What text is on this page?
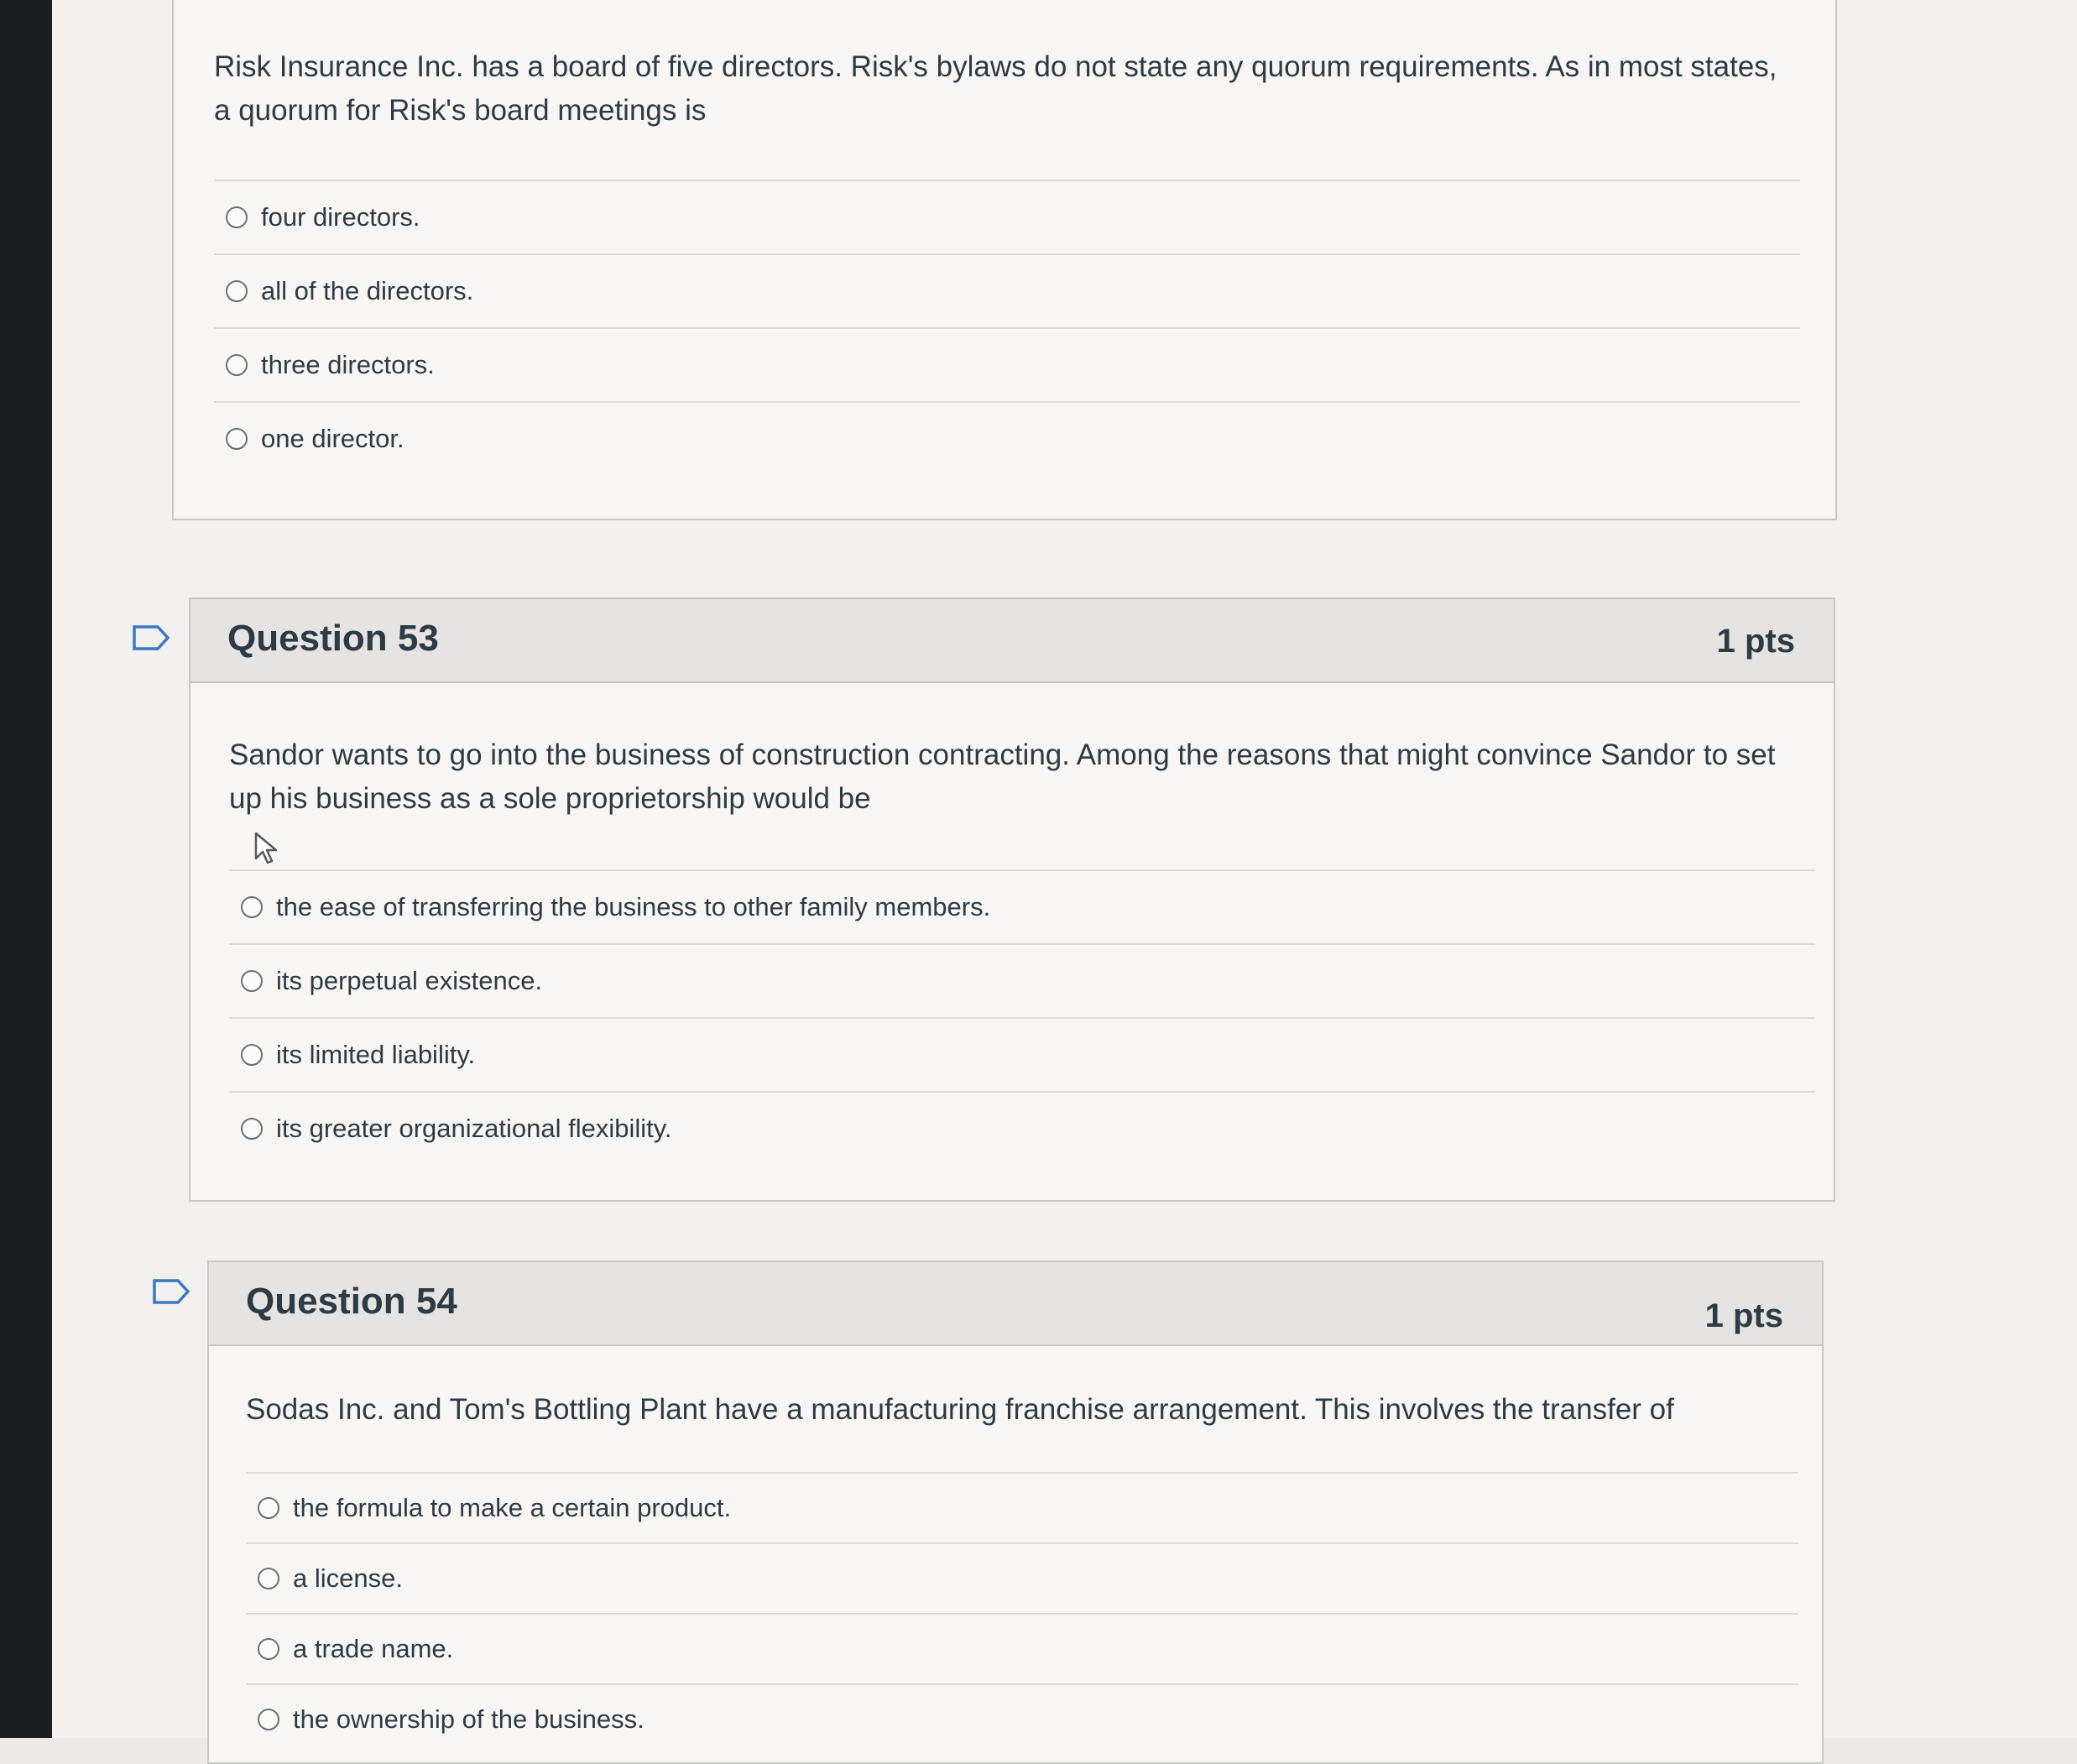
Risk Insurance Inc. has a board of five directors. Risk's bylaws do not state any quorum requirements. As in most states, a quorum for Risk's board meetings is
four directors.
all of the directors.
three directors.
one director.
Question 53	1 pts
Sandor wants to go into the business of construction contracting. Among the reasons that might convince Sandor to set up his business as a sole proprietorship would be
the ease of transferring the business to other family members.
its perpetual existence.
its limited liability.
its greater organizational flexibility.
Question 54	1 pts
Sodas Inc. and Tom's Bottling Plant have a manufacturing franchise arrangement. This involves the transfer of
the formula to make a certain product.
a license.
a trade name.
the ownership of the business.
